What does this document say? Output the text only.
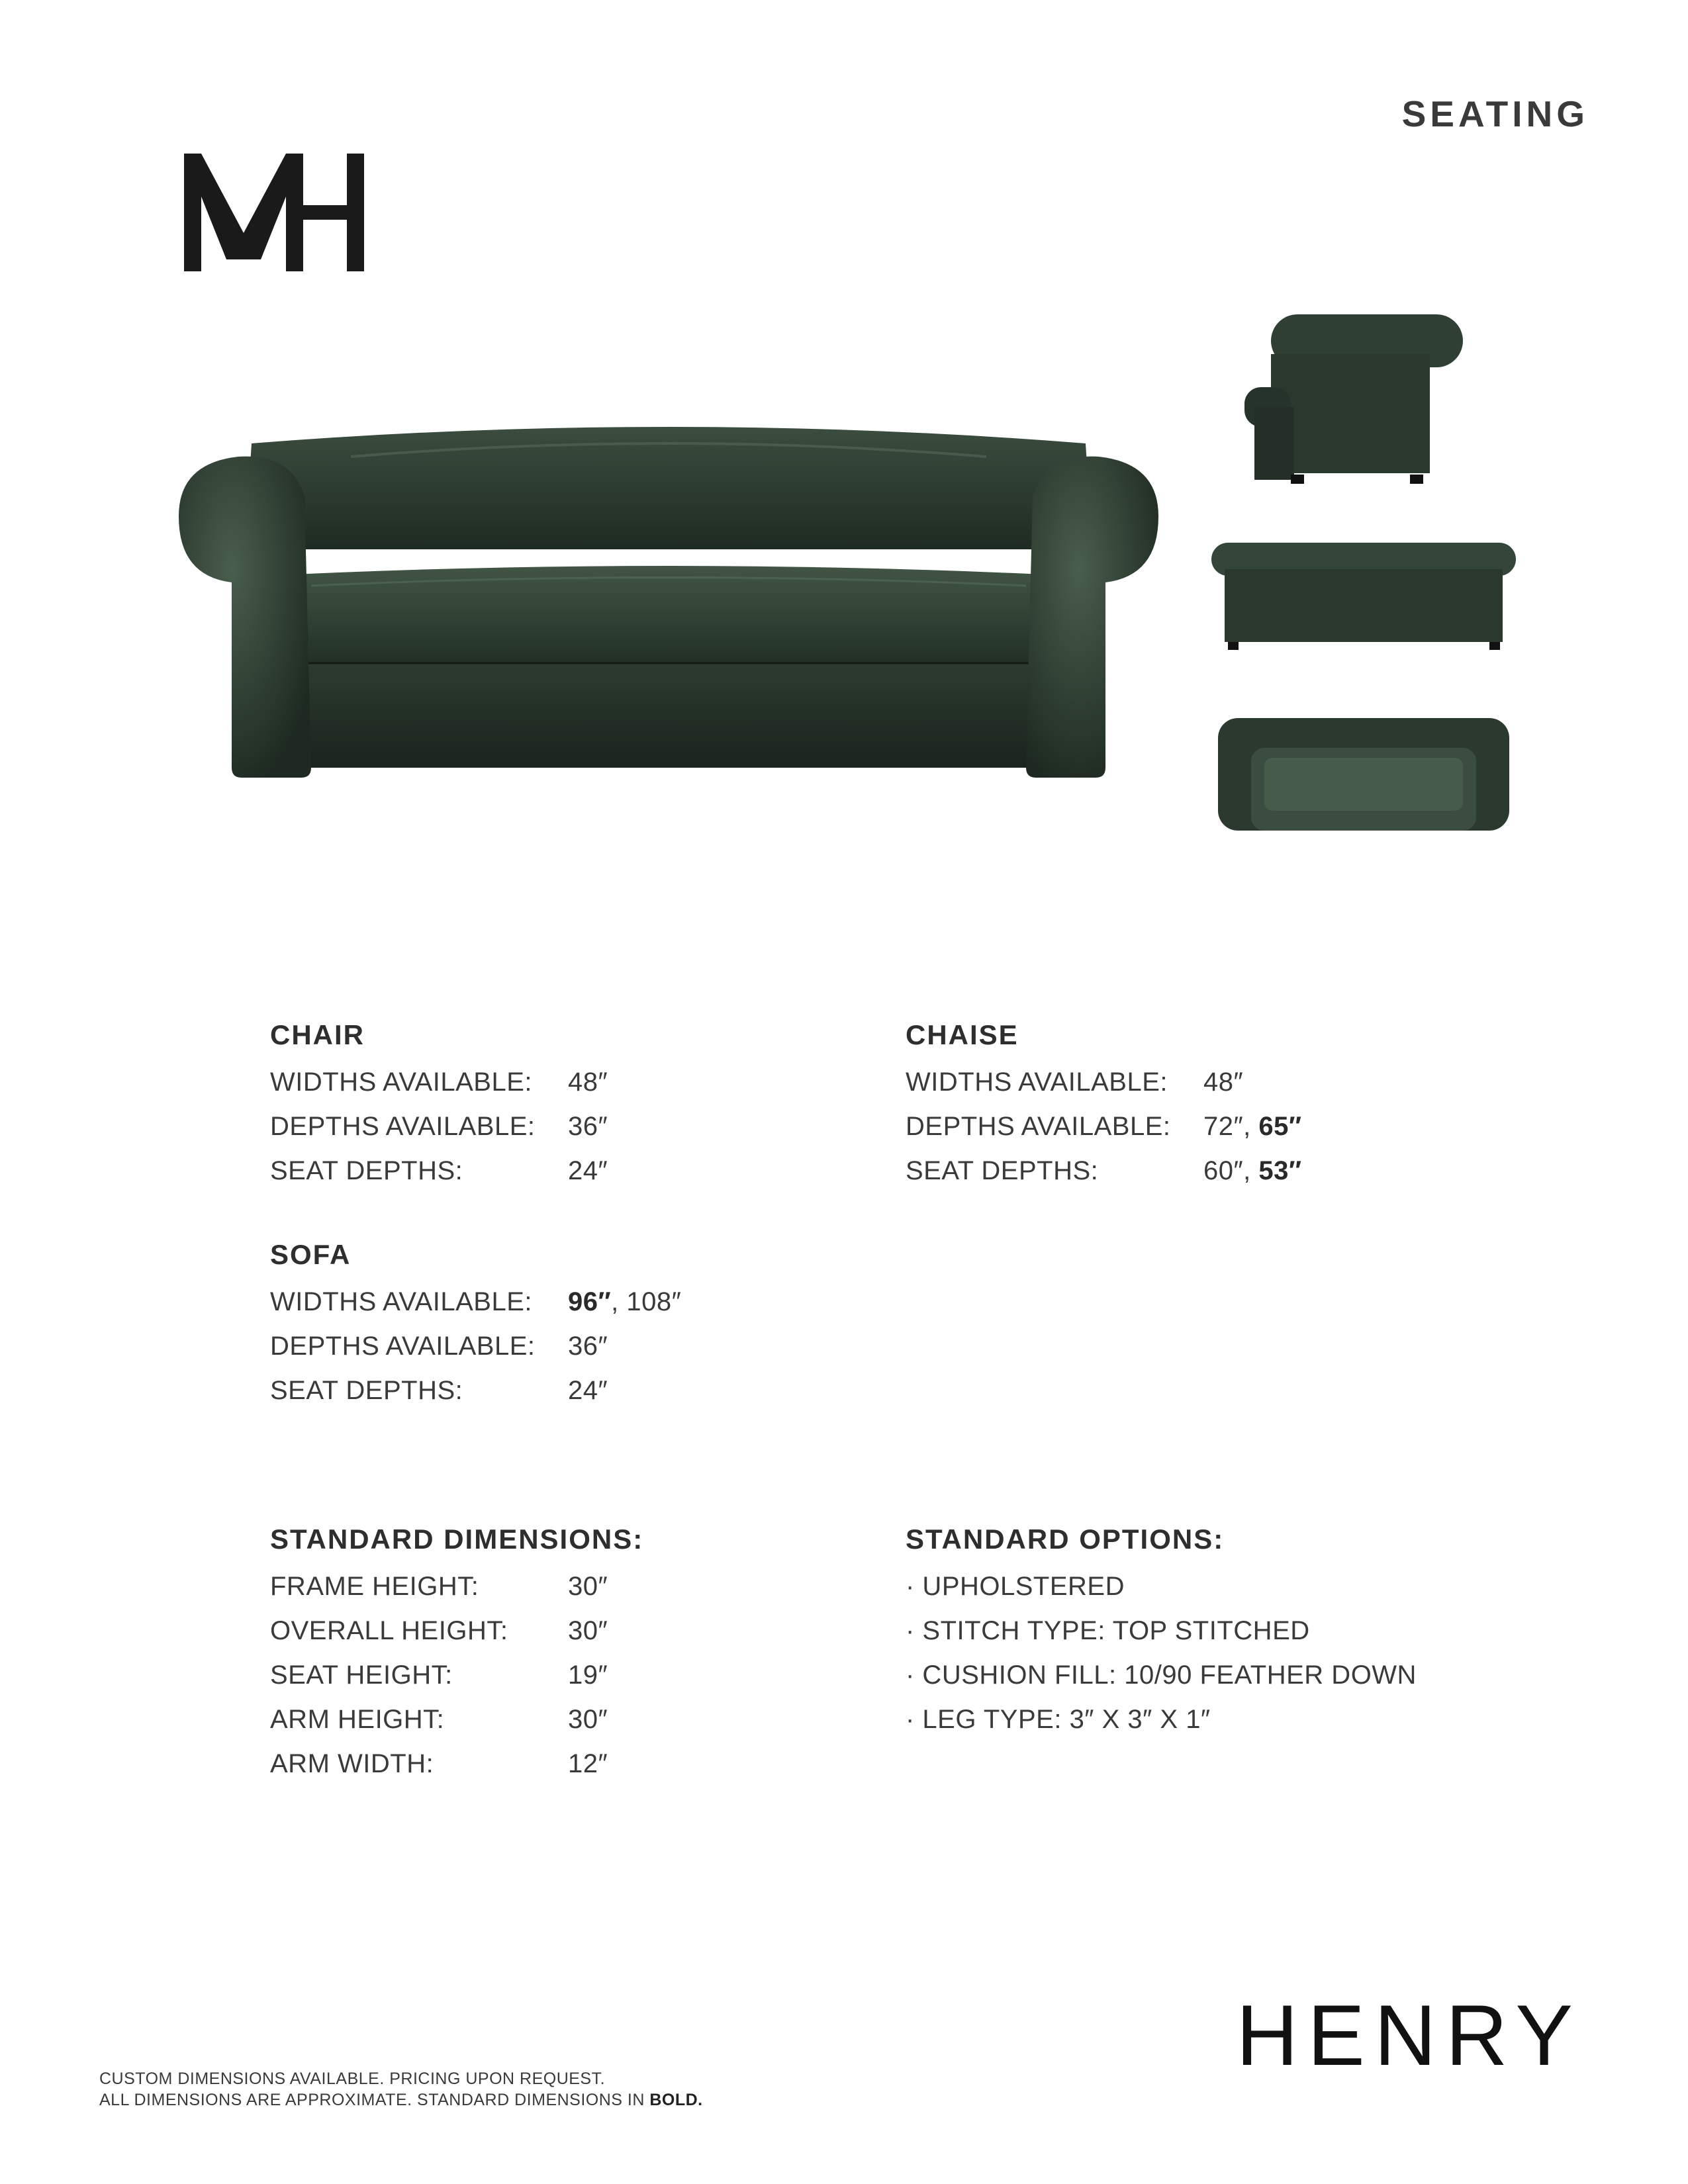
SEATING
CHAIR
WIDTHS AVAILABLE:	48″
DEPTHS AVAILABLE:	36″
SEAT DEPTHS:	24″
CHAISE
WIDTHS AVAILABLE:	48″
DEPTHS AVAILABLE:	72″, 65″
SEAT DEPTHS:	60″, 53″
SOFA
WIDTHS AVAILABLE:	96″, 108″
DEPTHS AVAILABLE:	36″
SEAT DEPTHS:	24″
STANDARD DIMENSIONS:
FRAME HEIGHT:	30″
OVERALL HEIGHT:	30″
SEAT HEIGHT:	19″
ARM HEIGHT:	30″
ARM WIDTH:	12″
STANDARD OPTIONS:
· UPHOLSTERED
· STITCH TYPE: TOP STITCHED
· CUSHION FILL: 10/90 FEATHER DOWN
· LEG TYPE: 3″ X 3″ X 1″
HENRY
CUSTOM DIMENSIONS AVAILABLE. PRICING UPON REQUEST.
ALL DIMENSIONS ARE APPROXIMATE. STANDARD DIMENSIONS IN BOLD.
